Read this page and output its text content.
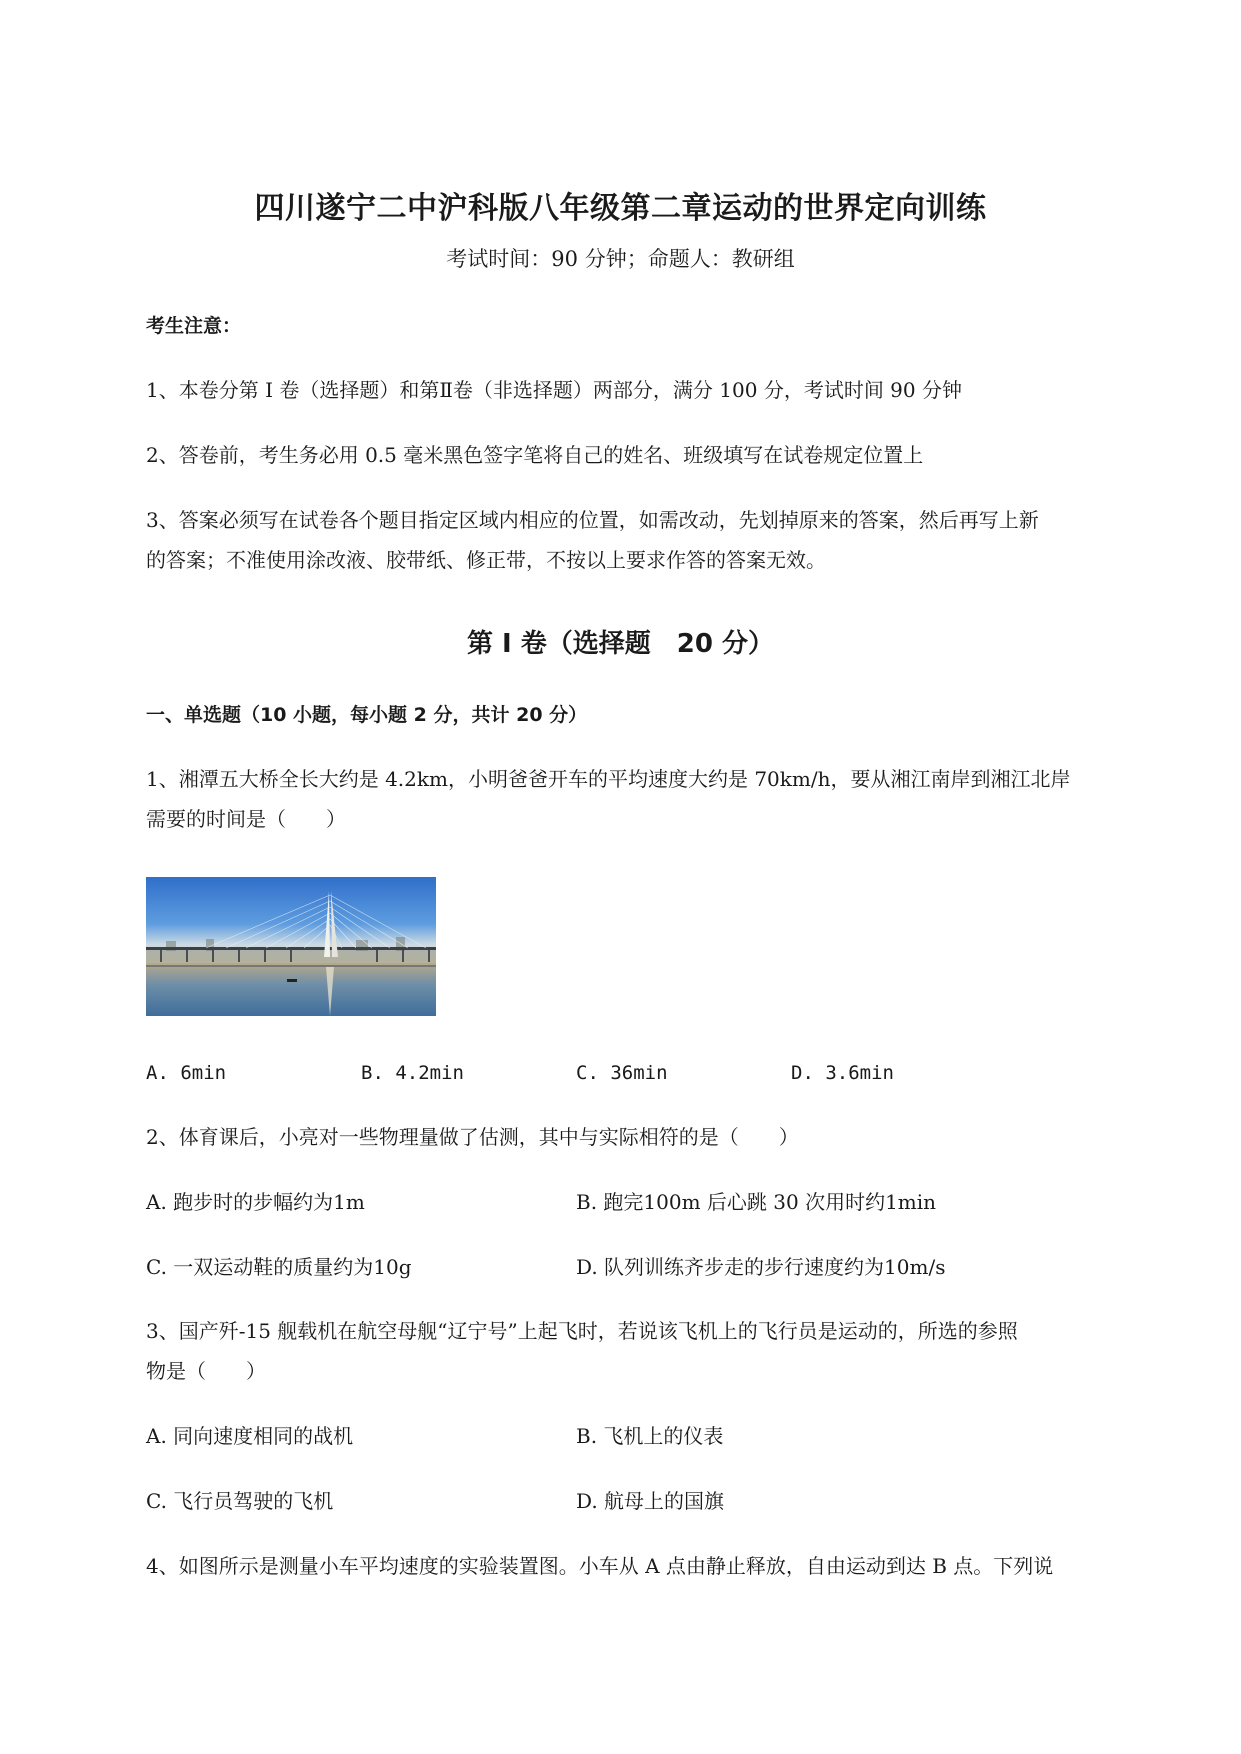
四川遂宁二中沪科版八年级第二章运动的世界定向训练
考试时间：90 分钟；命题人：教研组
考生注意：
1、本卷分第 I 卷（选择题）和第Ⅱ卷（非选择题）两部分，满分 100 分，考试时间 90 分钟
2、答卷前，考生务必用 0.5 毫米黑色签字笔将自己的姓名、班级填写在试卷规定位置上
3、答案必须写在试卷各个题目指定区域内相应的位置，如需改动，先划掉原来的答案，然后再写上新
的答案；不准使用涂改液、胶带纸、修正带，不按以上要求作答的答案无效。
第 I 卷（选择题　20 分）
一、单选题（10 小题，每小题 2 分，共计 20 分）
1、湘潭五大桥全长大约是 4.2km，小明爸爸开车的平均速度大约是 70km/h，要从湘江南岸到湘江北岸
需要的时间是（　　）
A. 6min	B. 4.2min	C. 36min	D. 3.6min
2、体育课后，小亮对一些物理量做了估测，其中与实际相符的是（　　）
A. 跑步时的步幅约为1m	B. 跑完100m 后心跳 30 次用时约1min
C. 一双运动鞋的质量约为10g	D. 队列训练齐步走的步行速度约为10m/s
3、国产歼-15 舰载机在航空母舰“辽宁号”上起飞时，若说该飞机上的飞行员是运动的，所选的参照
物是（　　）
A. 同向速度相同的战机	B. 飞机上的仪表
C. 飞行员驾驶的飞机	D. 航母上的国旗
4、如图所示是测量小车平均速度的实验装置图。小车从 A 点由静止释放，自由运动到达 B 点。下列说
